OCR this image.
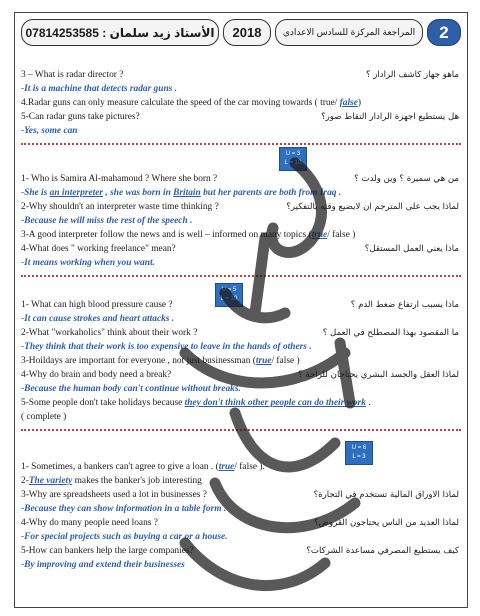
الأستاذ زيد سلمان : 07814253585	2018	المراجعة المركزة للسادس الاعدادي	2
3 – What is radar director ?	ماهو جهاز كاشف الرادار ؟
-It is a machine that detects radar guns .
4.Radar guns can only measure calculate the speed of the car moving towards ( true/ false)
5-Can radar guns take pictures?	هل يستطيع اجهزة الرادار التقاط صور؟
-Yes, some can
U = 3
L = 10
1- Who is Samira Al-mahamoud ? Where she born ?	من هي سميرة ؟ وين ولدت ؟
-She is an interpreter , she was born in Britain but her parents are both from Iraq .
2-Why shouldn't an interpreter waste time thinking ?	لماذا يجب على المترجم ان لايضيع وقته بالتفكير؟
-Because he will miss the rest of the speech .
3-A good interpreter follow the news and is well – informed on many topics (true/ false )
4-What does " working freelance" mean?	ماذا يعني العمل المستقل؟
-It means working when you want.
U = 5
L = 10
1- What can high blood pressure cause ?	ماذا يسبب ارتفاع ضغط الدم ؟
-It can cause strokes and heart attacks .
2-What "workaholics" think about their work ?	ما المقصود بهذا المصطلح في العمل ؟
-They think that their work is too expensive to leave in the hands of others .
3-Hoildays are important for everyone , not just businessman (true/ false )
4-Why do brain and body need a break?	لماذا العقل والجسد البشري يحتاجان للراحة ؟
-Because the human body can't continue without breaks.
5-Some people don't take holidays because they don't think other people can do their work .
( complete )
U = 6
L = 3
1- Sometimes, a bankers can't agree to give a loan . (true/ false ).
2-The variety makes the banker's job interesting
3-Why are spreadsheets used a lot in businesses ?	لماذا الاوراق المالية تستخدم في التجارة؟
-Because they can show information in a table form .
4-Why do many people need loans ?	لماذا العديد من الناس يحتاجون القروض؟
-For special projects such as buying a car or a house.
5-How can bankers help the large companies?	كيف يستطيع المصرفي مساعدة الشركات؟
-By improving and extend their businesses
